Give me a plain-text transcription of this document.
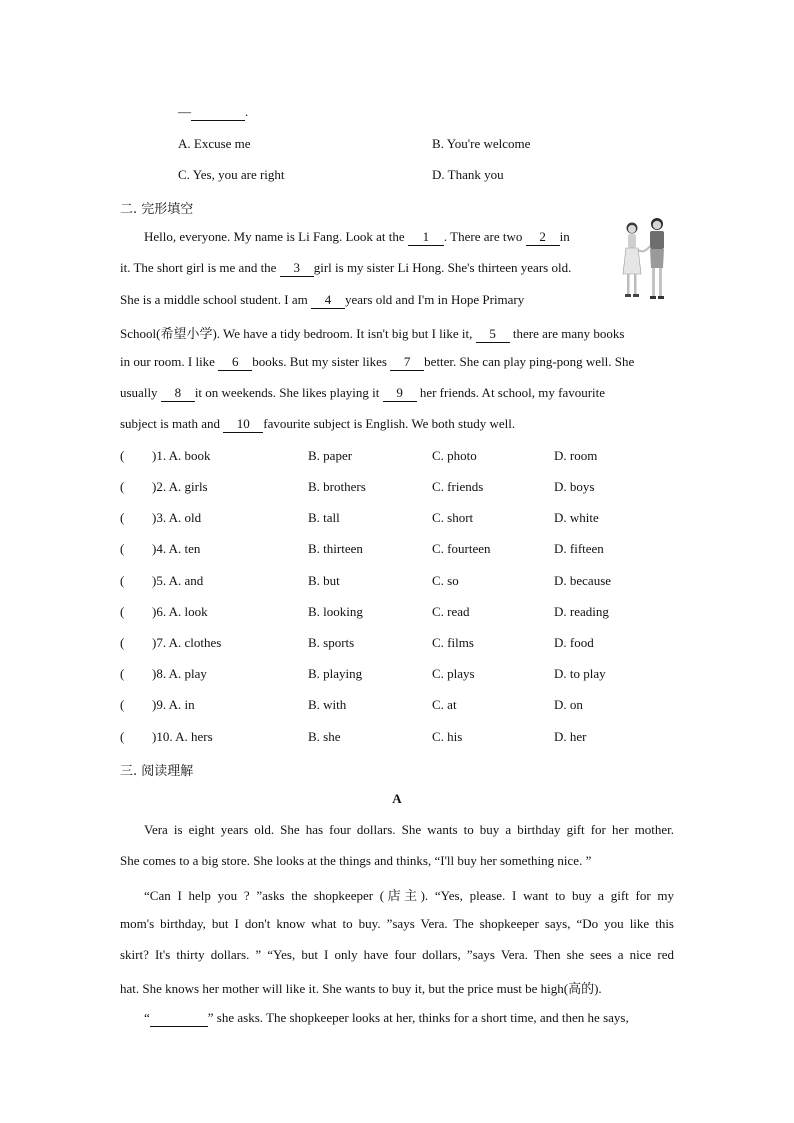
—	.
A. Excuse me	B. You're welcome
C. Yes, you are right	D. Thank you
二. 完形填空
Hello, everyone. My name is Li Fang. Look at the 1 . There are two 2 in
it. The short girl is me and the 3 girl is my sister Li Hong. She's thirteen years old.
She is a middle school student. I am 4 years old and I'm in Hope Primary
School(希望小学). We have a tidy bedroom. It isn't big but I like it, 5 there are many books
in our room. I like 6 books. But my sister likes 7 better. She can play ping-pong well. She
usually 8 it on weekends. She likes playing it 9 her friends. At school, my favourite
subject is math and 10 favourite subject is English. We both study well.
( )1. A. book	B. paper	C. photo	D. room
( )2. A. girls	B. brothers	C. friends	D. boys
( )3. A. old	B. tall	C. short	D. white
( )4. A. ten	B. thirteen	C. fourteen	D. fifteen
( )5. A. and	B. but	C. so	D. because
( )6. A. look	B. looking	C. read	D. reading
( )7. A. clothes	B. sports	C. films	D. food
( )8. A. play	B. playing	C. plays	D. to play
( )9. A. in	B. with	C. at	D. on
( )10. A. hers	B. she	C. his	D. her
三. 阅读理解
A
Vera is eight years old. She has four dollars. She wants to buy a birthday gift for her mother.
She comes to a big store. She looks at the things and thinks, “I'll buy her something nice. ”
“Can I help you ? ”asks the shopkeeper (店主). “Yes, please. I want to buy a gift for my
mom's birthday, but I don't know what to buy. ”says Vera. The shopkeeper says, “Do you like this
skirt? It's thirty dollars. ” “Yes, but I only have four dollars, ”says Vera. Then she sees a nice red
hat. She knows her mother will like it. She wants to buy it, but the price must be high(高的).
“	” she asks. The shopkeeper looks at her, thinks for a short time, and then he says,
